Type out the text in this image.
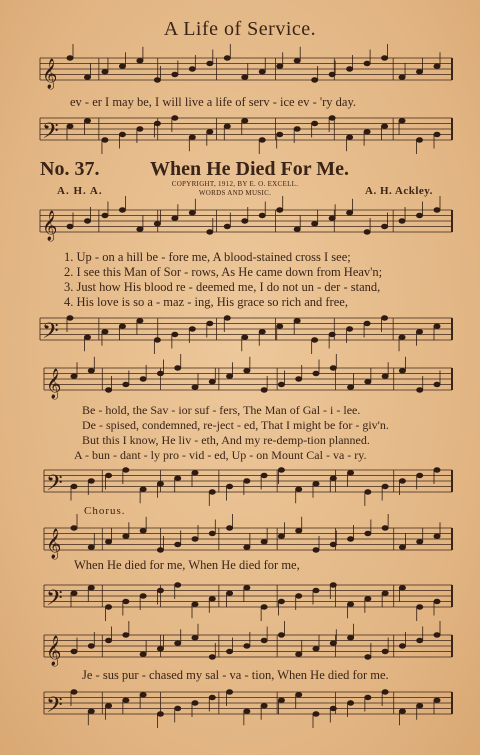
A Life of Service.
𝄞
𝄢
𝄞
𝄢
𝄞
𝄢
𝄞
𝄢
𝄞
𝄢
ev - er I may be, I will live a life of serv - ice ev - 'ry day.
No. 37.	When He Died For Me.
A. H. A.	A. H. Ackley.
COPYRIGHT, 1912, BY E. O. EXCELL.
WORDS AND MUSIC.
1. Up - on a hill be - fore me, A blood-stained cross I see;
2. I see this Man of Sor - rows, As He came down from Heav'n;
3. Just how His blood re - deemed me, I do not un - der - stand,
4. His love is so a - maz - ing, His grace so rich and free,
Be - hold, the Sav - ior suf - fers, The Man of Gal - i - lee.
De - spised, condemned, re-ject - ed, That I might be for - giv'n.
But this I know, He liv - eth, And my re-demp-tion planned.
A - bun - dant - ly pro - vid - ed, Up - on Mount Cal - va - ry.
Chorus.
When He died for me, When He died for me,
Je - sus pur - chased my sal - va - tion, When He died for me.
